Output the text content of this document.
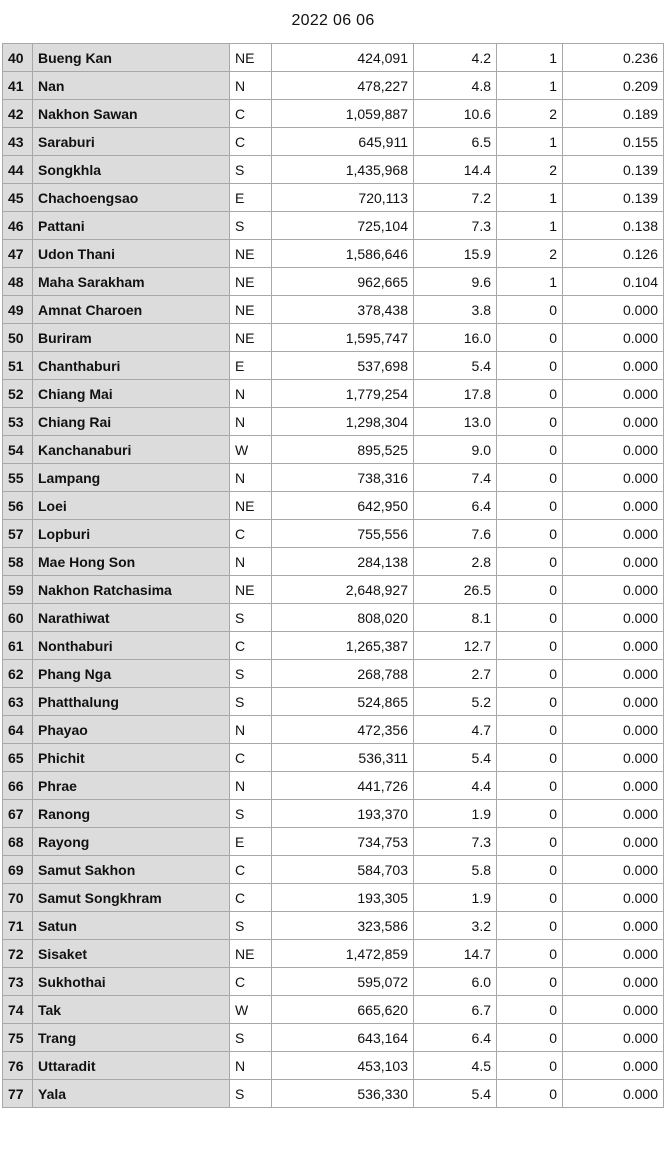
2022 06 06
40	Bueng Kan	NE	424,091	4.2	1	0.236
41	Nan	N	478,227	4.8	1	0.209
42	Nakhon Sawan	C	1,059,887	10.6	2	0.189
43	Saraburi	C	645,911	6.5	1	0.155
44	Songkhla	S	1,435,968	14.4	2	0.139
45	Chachoengsao	E	720,113	7.2	1	0.139
46	Pattani	S	725,104	7.3	1	0.138
47	Udon Thani	NE	1,586,646	15.9	2	0.126
48	Maha Sarakham	NE	962,665	9.6	1	0.104
49	Amnat Charoen	NE	378,438	3.8	0	0.000
50	Buriram	NE	1,595,747	16.0	0	0.000
51	Chanthaburi	E	537,698	5.4	0	0.000
52	Chiang Mai	N	1,779,254	17.8	0	0.000
53	Chiang Rai	N	1,298,304	13.0	0	0.000
54	Kanchanaburi	W	895,525	9.0	0	0.000
55	Lampang	N	738,316	7.4	0	0.000
56	Loei	NE	642,950	6.4	0	0.000
57	Lopburi	C	755,556	7.6	0	0.000
58	Mae Hong Son	N	284,138	2.8	0	0.000
59	Nakhon Ratchasima	NE	2,648,927	26.5	0	0.000
60	Narathiwat	S	808,020	8.1	0	0.000
61	Nonthaburi	C	1,265,387	12.7	0	0.000
62	Phang Nga	S	268,788	2.7	0	0.000
63	Phatthalung	S	524,865	5.2	0	0.000
64	Phayao	N	472,356	4.7	0	0.000
65	Phichit	C	536,311	5.4	0	0.000
66	Phrae	N	441,726	4.4	0	0.000
67	Ranong	S	193,370	1.9	0	0.000
68	Rayong	E	734,753	7.3	0	0.000
69	Samut Sakhon	C	584,703	5.8	0	0.000
70	Samut Songkhram	C	193,305	1.9	0	0.000
71	Satun	S	323,586	3.2	0	0.000
72	Sisaket	NE	1,472,859	14.7	0	0.000
73	Sukhothai	C	595,072	6.0	0	0.000
74	Tak	W	665,620	6.7	0	0.000
75	Trang	S	643,164	6.4	0	0.000
76	Uttaradit	N	453,103	4.5	0	0.000
77	Yala	S	536,330	5.4	0	0.000
